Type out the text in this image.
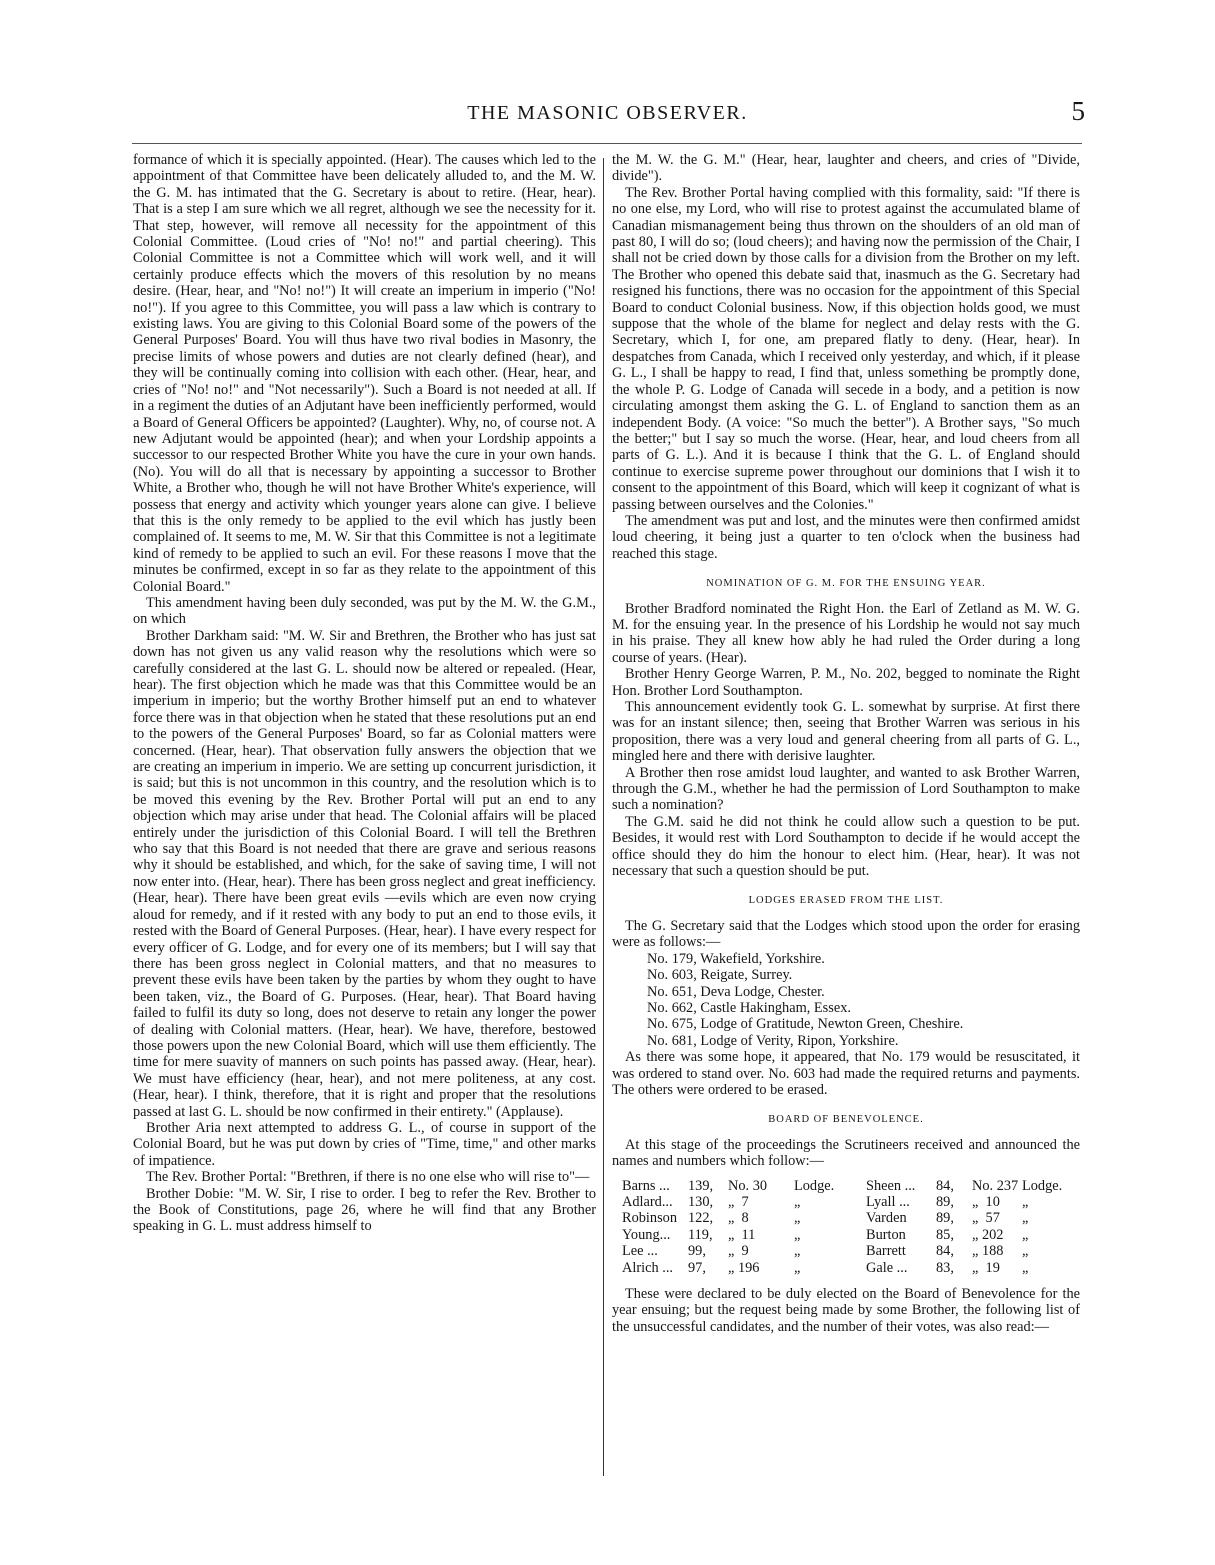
THE MASONIC OBSERVER.	5

formance of which it is specially appointed. (Hear). The causes which led to the appointment of that Committee have been delicately alluded to, and the M. W. the G. M. has intimated that the G. Secretary is about to retire. (Hear, hear). That is a step I am sure which we all regret, although we see the necessity for it. That step, however, will remove all necessity for the appointment of this Colonial Committee. (Loud cries of "No! no!" and partial cheering). This Colonial Committee is not a Committee which will work well, and it will certainly produce effects which the movers of this resolution by no means desire. (Hear, hear, and "No! no!") It will create an imperium in imperio ("No! no!"). If you agree to this Committee, you will pass a law which is contrary to existing laws. You are giving to this Colonial Board some of the powers of the General Purposes' Board. You will thus have two rival bodies in Masonry, the precise limits of whose powers and duties are not clearly defined (hear), and they will be continually coming into collision with each other. (Hear, hear, and cries of "No! no!" and "Not necessarily"). Such a Board is not needed at all. If in a regiment the duties of an Adjutant have been inefficiently performed, would a Board of General Officers be appointed? (Laughter). Why, no, of course not. A new Adjutant would be appointed (hear); and when your Lordship appoints a successor to our respected Brother White you have the cure in your own hands. (No). You will do all that is necessary by appointing a successor to Brother White, a Brother who, though he will not have Brother White's experience, will possess that energy and activity which younger years alone can give. I believe that this is the only remedy to be applied to the evil which has justly been complained of. It seems to me, M. W. Sir that this Committee is not a legitimate kind of remedy to be applied to such an evil. For these reasons I move that the minutes be confirmed, except in so far as they relate to the appointment of this Colonial Board."

This amendment having been duly seconded, was put by the M. W. the G.M., on which

Brother Darkham said: "M. W. Sir and Brethren, the Brother who has just sat down has not given us any valid reason why the resolutions which were so carefully considered at the last G. L. should now be altered or repealed. (Hear, hear). The first objection which he made was that this Committee would be an imperium in imperio; but the worthy Brother himself put an end to whatever force there was in that objection when he stated that these resolutions put an end to the powers of the General Purposes' Board, so far as Colonial matters were concerned. (Hear, hear). That observation fully answers the objection that we are creating an imperium in imperio. We are setting up concurrent jurisdiction, it is said; but this is not uncommon in this country, and the resolution which is to be moved this evening by the Rev. Brother Portal will put an end to any objection which may arise under that head. The Colonial affairs will be placed entirely under the jurisdiction of this Colonial Board. I will tell the Brethren who say that this Board is not needed that there are grave and serious reasons why it should be established, and which, for the sake of saving time, I will not now enter into. (Hear, hear). There has been gross neglect and great inefficiency. (Hear, hear). There have been great evils —evils which are even now crying aloud for remedy, and if it rested with any body to put an end to those evils, it rested with the Board of General Purposes. (Hear, hear). I have every respect for every officer of G. Lodge, and for every one of its members; but I will say that there has been gross neglect in Colonial matters, and that no measures to prevent these evils have been taken by the parties by whom they ought to have been taken, viz., the Board of G. Purposes. (Hear, hear). That Board having failed to fulfil its duty so long, does not deserve to retain any longer the power of dealing with Colonial matters. (Hear, hear). We have, therefore, bestowed those powers upon the new Colonial Board, which will use them efficiently. The time for mere suavity of manners on such points has passed away. (Hear, hear). We must have efficiency (hear, hear), and not mere politeness, at any cost. (Hear, hear). I think, therefore, that it is right and proper that the resolutions passed at last G. L. should be now confirmed in their entirety." (Applause).

Brother Aria next attempted to address G. L., of course in support of the Colonial Board, but he was put down by cries of "Time, time," and other marks of impatience.

The Rev. Brother Portal: "Brethren, if there is no one else who will rise to"—

Brother Dobie: "M. W. Sir, I rise to order. I beg to refer the Rev. Brother to the Book of Constitutions, page 26, where he will find that any Brother speaking in G. L. must address himself to

the M. W. the G. M." (Hear, hear, laughter and cheers, and cries of "Divide, divide").

The Rev. Brother Portal having complied with this formality, said: "If there is no one else, my Lord, who will rise to protest against the accumulated blame of Canadian mismanagement being thus thrown on the shoulders of an old man of past 80, I will do so; (loud cheers); and having now the permission of the Chair, I shall not be cried down by those calls for a division from the Brother on my left. The Brother who opened this debate said that, inasmuch as the G. Secretary had resigned his functions, there was no occasion for the appointment of this Special Board to conduct Colonial business. Now, if this objection holds good, we must suppose that the whole of the blame for neglect and delay rests with the G. Secretary, which I, for one, am prepared flatly to deny. (Hear, hear). In despatches from Canada, which I received only yesterday, and which, if it please G. L., I shall be happy to read, I find that, unless something be promptly done, the whole P. G. Lodge of Canada will secede in a body, and a petition is now circulating amongst them asking the G. L. of England to sanction them as an independent Body. (A voice: "So much the better"). A Brother says, "So much the better;" but I say so much the worse. (Hear, hear, and loud cheers from all parts of G. L.). And it is because I think that the G. L. of England should continue to exercise supreme power throughout our dominions that I wish it to consent to the appointment of this Board, which will keep it cognizant of what is passing between ourselves and the Colonies."

The amendment was put and lost, and the minutes were then confirmed amidst loud cheering, it being just a quarter to ten o'clock when the business had reached this stage.

NOMINATION OF G. M. FOR THE ENSUING YEAR.

Brother Bradford nominated the Right Hon. the Earl of Zetland as M. W. G. M. for the ensuing year. In the presence of his Lordship he would not say much in his praise. They all knew how ably he had ruled the Order during a long course of years. (Hear).

Brother Henry George Warren, P. M., No. 202, begged to nominate the Right Hon. Brother Lord Southampton.

This announcement evidently took G. L. somewhat by surprise. At first there was for an instant silence; then, seeing that Brother Warren was serious in his proposition, there was a very loud and general cheering from all parts of G. L., mingled here and there with derisive laughter.

A Brother then rose amidst loud laughter, and wanted to ask Brother Warren, through the G.M., whether he had the permission of Lord Southampton to make such a nomination?

The G.M. said he did not think he could allow such a question to be put. Besides, it would rest with Lord Southampton to decide if he would accept the office should they do him the honour to elect him. (Hear, hear). It was not necessary that such a question should be put.

LODGES ERASED FROM THE LIST.

The G. Secretary said that the Lodges which stood upon the order for erasing were as follows:—

No. 179, Wakefield, Yorkshire.
No. 603, Reigate, Surrey.
No. 651, Deva Lodge, Chester.
No. 662, Castle Hakingham, Essex.
No. 675, Lodge of Gratitude, Newton Green, Cheshire.
No. 681, Lodge of Verity, Ripon, Yorkshire.

As there was some hope, it appeared, that No. 179 would be resuscitated, it was ordered to stand over. No. 603 had made the required returns and payments. The others were ordered to be erased.

BOARD OF BENEVOLENCE.

At this stage of the proceedings the Scrutineers received and announced the names and numbers which follow:—

Barns ...	139,	No. 30	Lodge.	Sheen ...	84,	No. 237 Lodge.
Adlard...	130,	„  7	„	Lyall ...	89,	„  10	„
Robinson 122,	„  8	„	Varden	89,	„  57	„
Young...	119,	„  11	„	Burton	85,	„ 202	„
Lee ...	99,	„  9	„	Barrett	84,	„ 188	„
Alrich ...	97,	„ 196	„	Gale ...	83,	„  19	„

These were declared to be duly elected on the Board of Benevolence for the year ensuing; but the request being made by some Brother, the following list of the unsuccessful candidates, and the number of their votes, was also read:—
